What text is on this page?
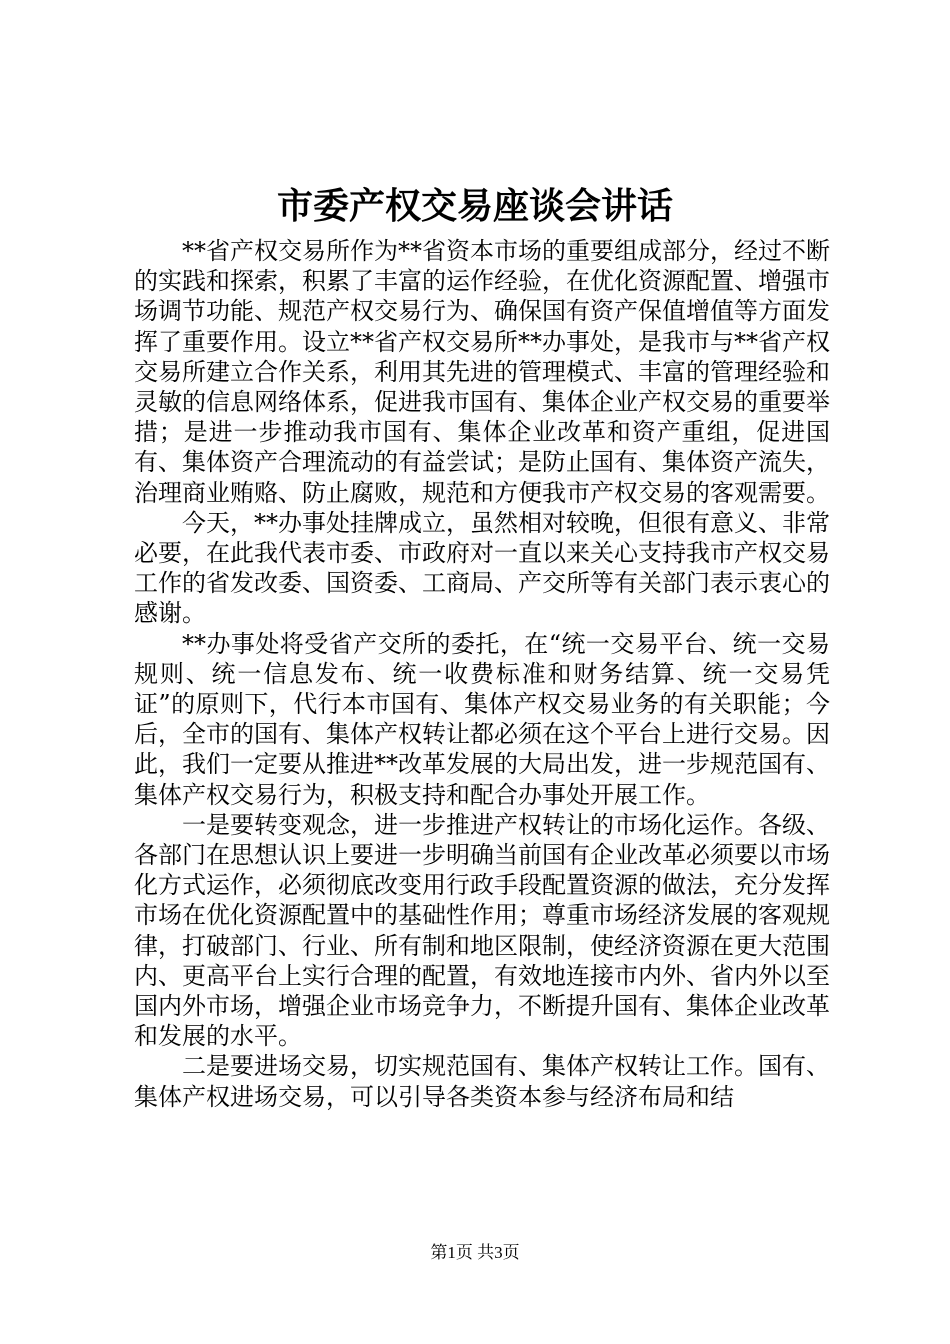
市委产权交易座谈会讲话

**省产权交易所作为**省资本市场的重要组成部分，经过不断的实践和探索，积累了丰富的运作经验，在优化资源配置、增强市场调节功能、规范产权交易行为、确保国有资产保值增值等方面发挥了重要作用。设立**省产权交易所**办事处，是我市与**省产权交易所建立合作关系，利用其先进的管理模式、丰富的管理经验和灵敏的信息网络体系，促进我市国有、集体企业产权交易的重要举措；是进一步推动我市国有、集体企业改革和资产重组，促进国有、集体资产合理流动的有益尝试；是防止国有、集体资产流失，治理商业贿赂、防止腐败，规范和方便我市产权交易的客观需要。

今天，**办事处挂牌成立，虽然相对较晚，但很有意义、非常必要，在此我代表市委、市政府对一直以来关心支持我市产权交易工作的省发改委、国资委、工商局、产交所等有关部门表示衷心的感谢。

**办事处将受省产交所的委托，在“统一交易平台、统一交易规则、统一信息发布、统一收费标准和财务结算、统一交易凭证”的原则下，代行本市国有、集体产权交易业务的有关职能；今后，全市的国有、集体产权转让都必须在这个平台上进行交易。因此，我们一定要从推进**改革发展的大局出发，进一步规范国有、集体产权交易行为，积极支持和配合办事处开展工作。

一是要转变观念，进一步推进产权转让的市场化运作。各级、各部门在思想认识上要进一步明确当前国有企业改革必须要以市场化方式运作，必须彻底改变用行政手段配置资源的做法，充分发挥市场在优化资源配置中的基础性作用；尊重市场经济发展的客观规律，打破部门、行业、所有制和地区限制，使经济资源在更大范围内、更高平台上实行合理的配置，有效地连接市内外、省内外以至国内外市场，增强企业市场竞争力，不断提升国有、集体企业改革和发展的水平。

二是要进场交易，切实规范国有、集体产权转让工作。国有、集体产权进场交易，可以引导各类资本参与经济布局和结

第1页 共3页
